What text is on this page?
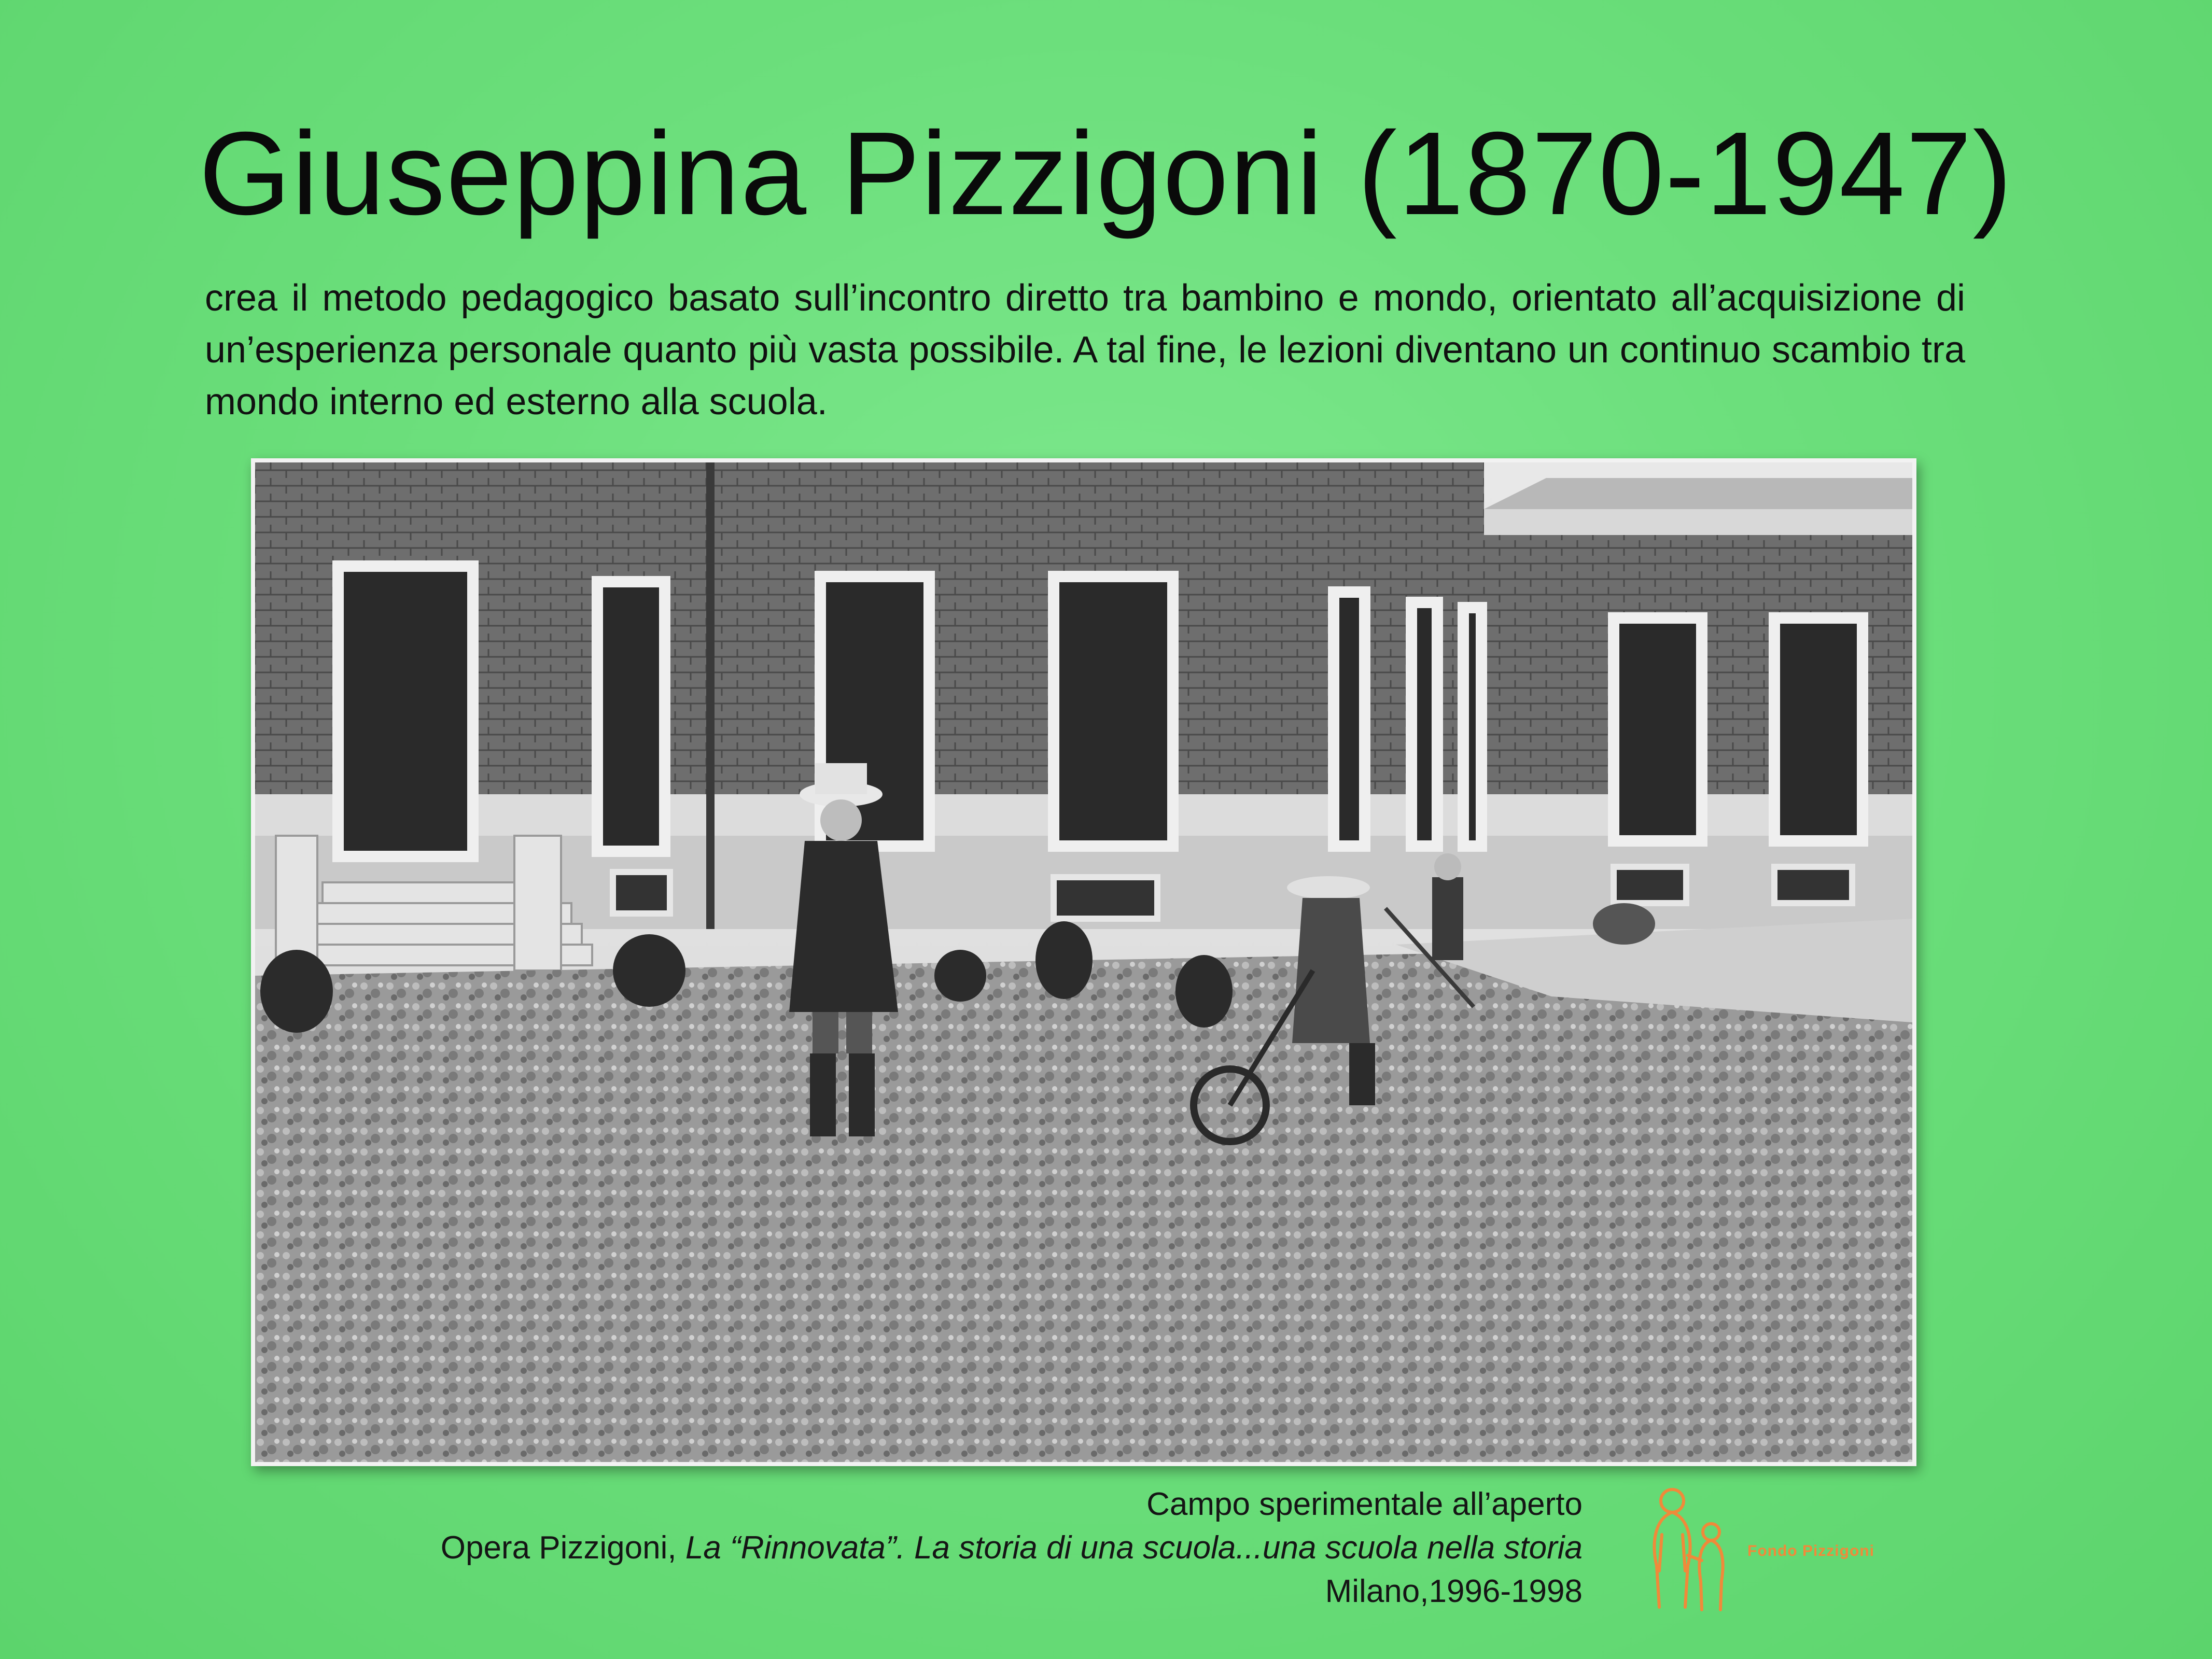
Giuseppina Pizzigoni (1870-1947)
crea il metodo pedagogico basato sull’incontro diretto tra bambino e mondo, orientato all’acquisizione di un’esperienza personale quanto più vasta possibile. A tal fine, le lezioni diventano un continuo scambio tra mondo interno ed esterno alla scuola.
Campo sperimentale all’aperto
Opera Pizzigoni, La “Rinnovata”. La storia di una scuola...una scuola nella storia
Milano,1996-1998
Fondo Pizzigoni
